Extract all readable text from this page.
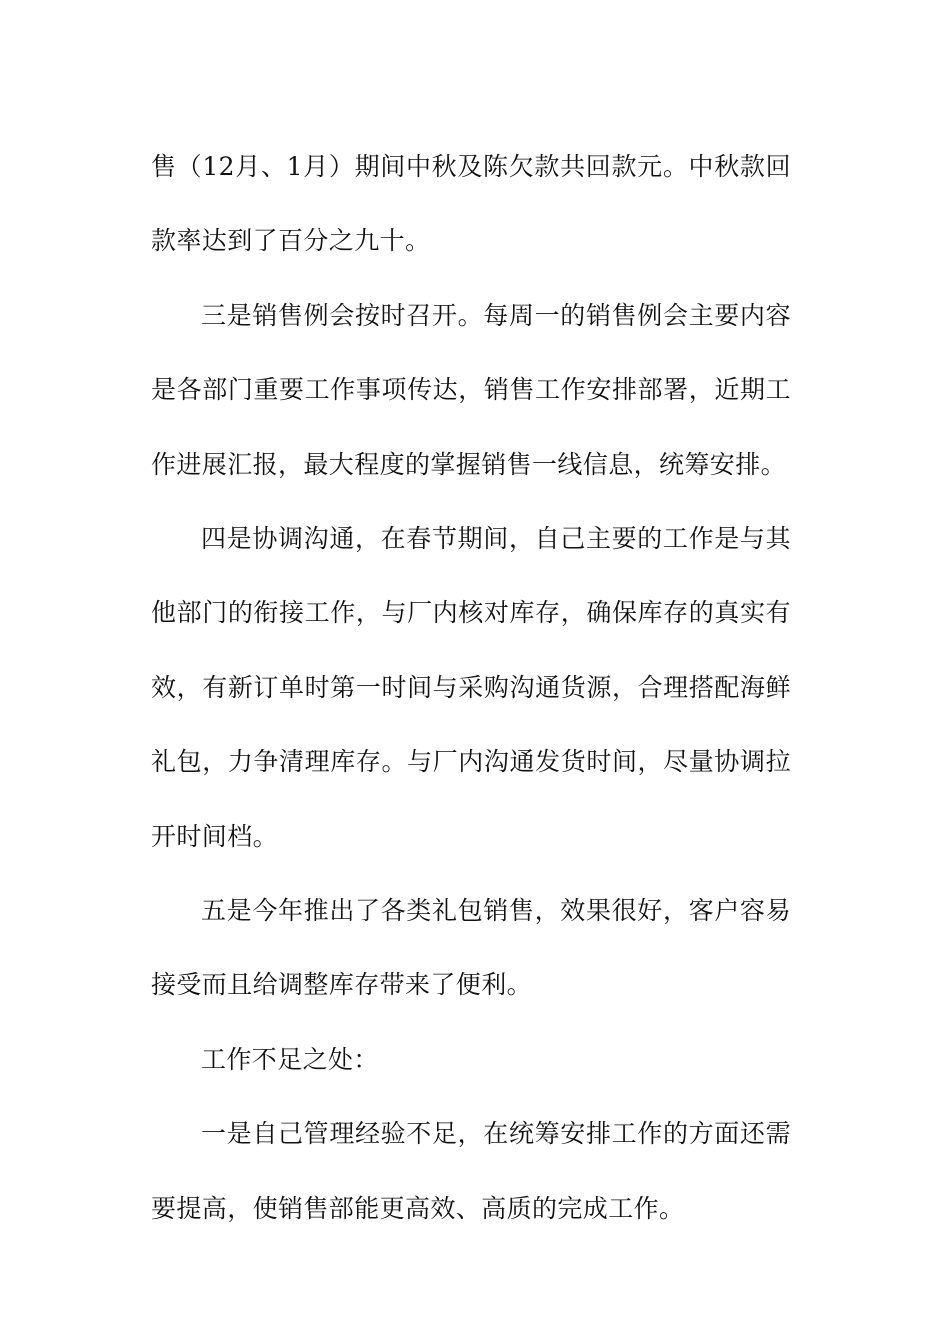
售（12月、1月）期间中秋及陈欠款共回款元。中秋款回款率达到了百分之九十。

三是销售例会按时召开。每周一的销售例会主要内容是各部门重要工作事项传达，销售工作安排部署，近期工作进展汇报，最大程度的掌握销售一线信息，统筹安排。

四是协调沟通，在春节期间，自己主要的工作是与其他部门的衔接工作，与厂内核对库存，确保库存的真实有效，有新订单时第一时间与采购沟通货源，合理搭配海鲜礼包，力争清理库存。与厂内沟通发货时间，尽量协调拉开时间档。

五是今年推出了各类礼包销售，效果很好，客户容易接受而且给调整库存带来了便利。

工作不足之处：

一是自己管理经验不足，在统筹安排工作的方面还需要提高，使销售部能更高效、高质的完成工作。
